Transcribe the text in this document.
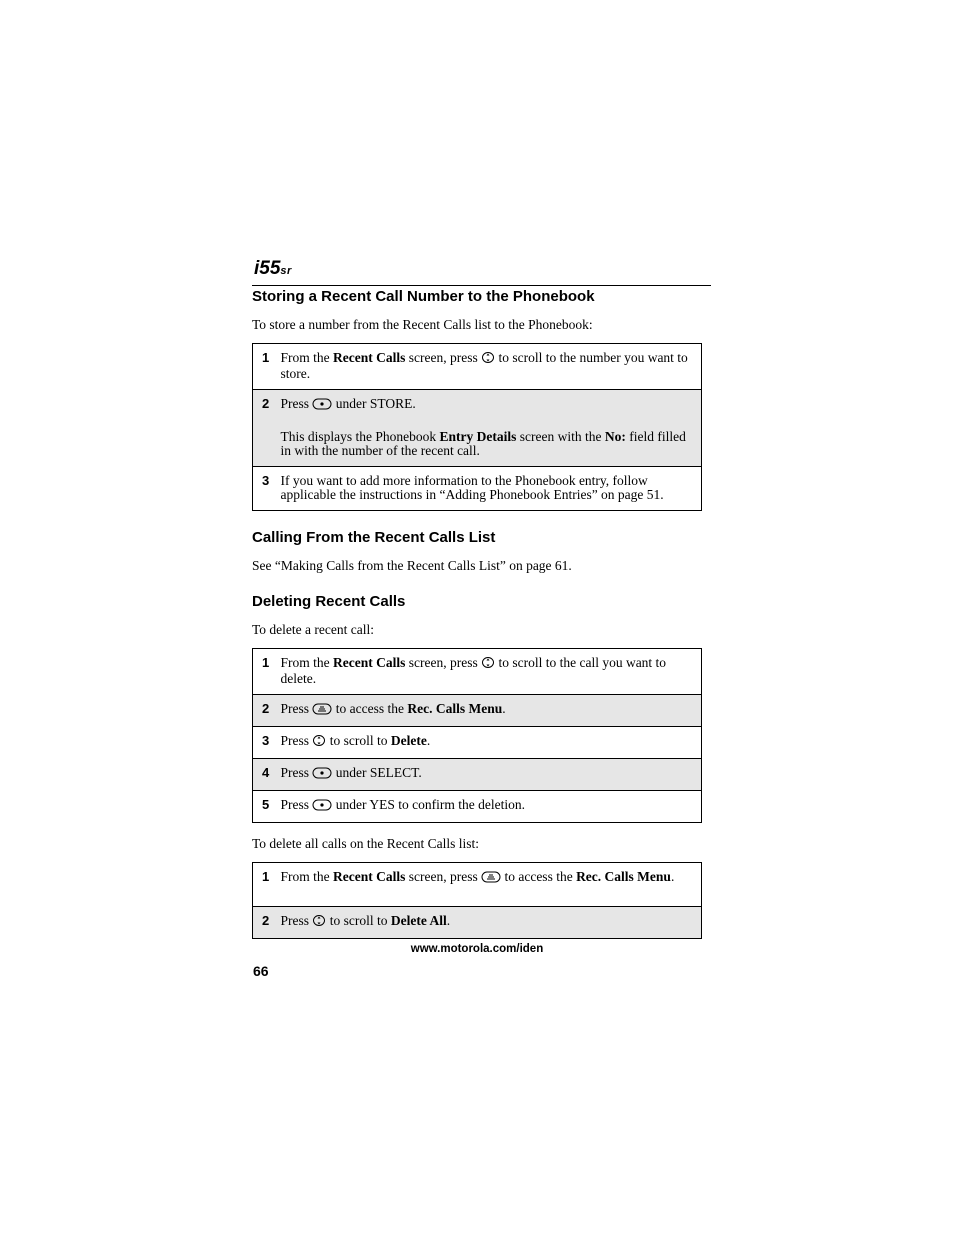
i55sr
Storing a Recent Call Number to the Phonebook

To store a number from the Recent Calls list to the Phonebook:

1	From the Recent Calls screen, press  to scroll to the number you want to store.
2	Press  under STORE.
This displays the Phonebook Entry Details screen with the No: field filled in with the number of the recent call.
3	If you want to add more information to the Phonebook entry, follow applicable the instructions in “Adding Phonebook Entries” on page 51.
Calling From the Recent Calls List

See “Making Calls from the Recent Calls List” on page 61.

Deleting Recent Calls

To delete a recent call:

1	From the Recent Calls screen, press  to scroll to the call you want to delete.
2	Press  to access the Rec. Calls Menu.
3	Press  to scroll to Delete.
4	Press  under SELECT.
5	Press  under YES to confirm the deletion.

To delete all calls on the Recent Calls list:

1	From the Recent Calls screen, press  to access the Rec. Calls Menu.
2	Press  to scroll to Delete All.
www.motorola.com/iden
66
